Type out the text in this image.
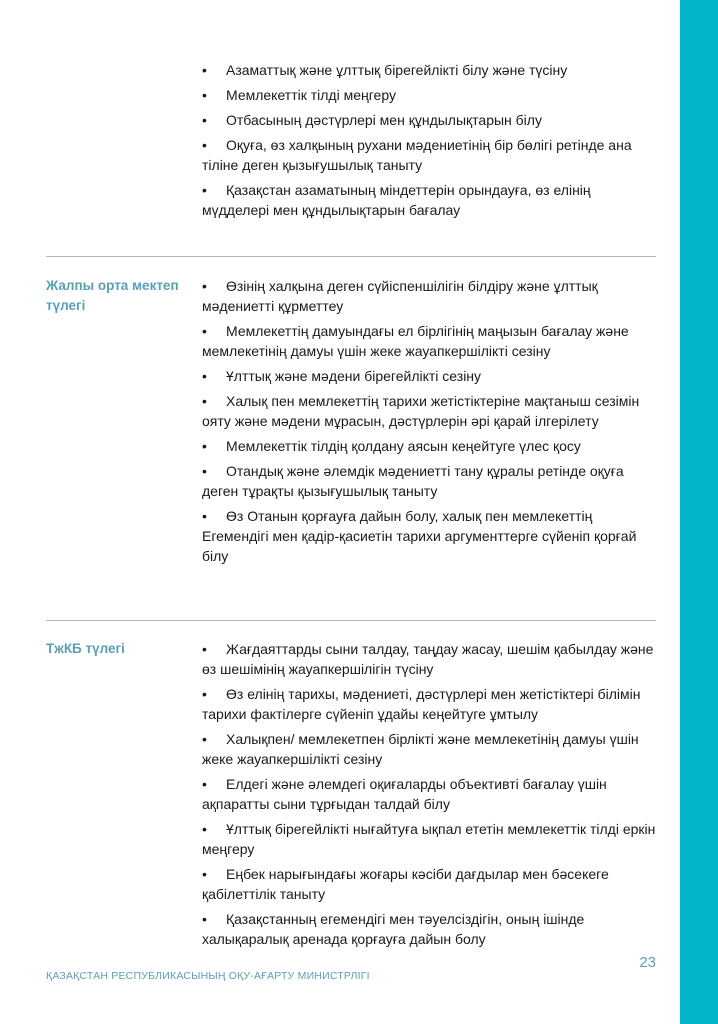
• Азаматтық және ұлттық бірегейлікті білу және түсіну
• Мемлекеттік тілді меңгеру
• Отбасының дәстүрлері мен құндылықтарын білу
• Оқуға, өз халқының рухани мәдениетінің бір бөлігі ретінде ана тіліне деген қызығушылық таныту
• Қазақстан азаматының міндеттерін орындауға, өз елінің мүдделері мен құндылықтарын бағалау
Жалпы орта мектеп түлегі
• Өзінің халқына деген сүйіспеншілігін білдіру және ұлттық мәдениетті құрметтеу
• Мемлекеттің дамуындағы ел бірлігінің маңызын бағалау және мемлекетінің дамуы үшін жеке жауапкершілікті сезіну
• Ұлттық және мәдени бірегейлікті сезіну
• Халық пен мемлекеттің тарихи жетістіктеріне мақтаныш сезімін ояту және мәдени мұрасын, дәстүрлерін әрі қарай ілгерілету
• Мемлекеттік тілдің қолдану аясын кеңейтуге үлес қосу
• Отандық және әлемдік мәдениетті тану құралы ретінде оқуға деген тұрақты қызығушылық таныту
• Өз Отанын қорғауға дайын болу, халық пен мемлекеттің Егемендігі мен қадір-қасиетін тарихи аргументтерге сүйеніп қорғай білу
ТжКБ түлегі	• Жағдаяттарды сыни талдау, таңдау жасау, шешім қабылдау және өз шешімінің жауапкершілігін түсіну
• Өз елінің тарихы, мәдениеті, дәстүрлері мен жетістіктері білімін тарихи фактілерге сүйеніп ұдайы кеңейтуге ұмтылу
• Халықпен/ мемлекетпен бірлікті және мемлекетінің дамуы үшін жеке жауапкершілікті сезіну
• Елдегі және әлемдегі оқиғаларды объективті бағалау үшін ақпаратты сыни тұрғыдан талдай білу
• Ұлттық бірегейлікті нығайтуға ықпал ететін мемлекеттік тілді еркін меңгеру
• Еңбек нарығындағы жоғары кәсіби дағдылар мен бәсекеге қабілеттілік таныту
• Қазақстанның егемендігі мен тәуелсіздігін, оның ішінде халықаралық аренада қорғауға дайын болу
23
ҚАЗАҚСТАН РЕСПУБЛИКАСЫНЫҢ ОҚУ-АҒАРТУ МИНИСТРЛІГІ
